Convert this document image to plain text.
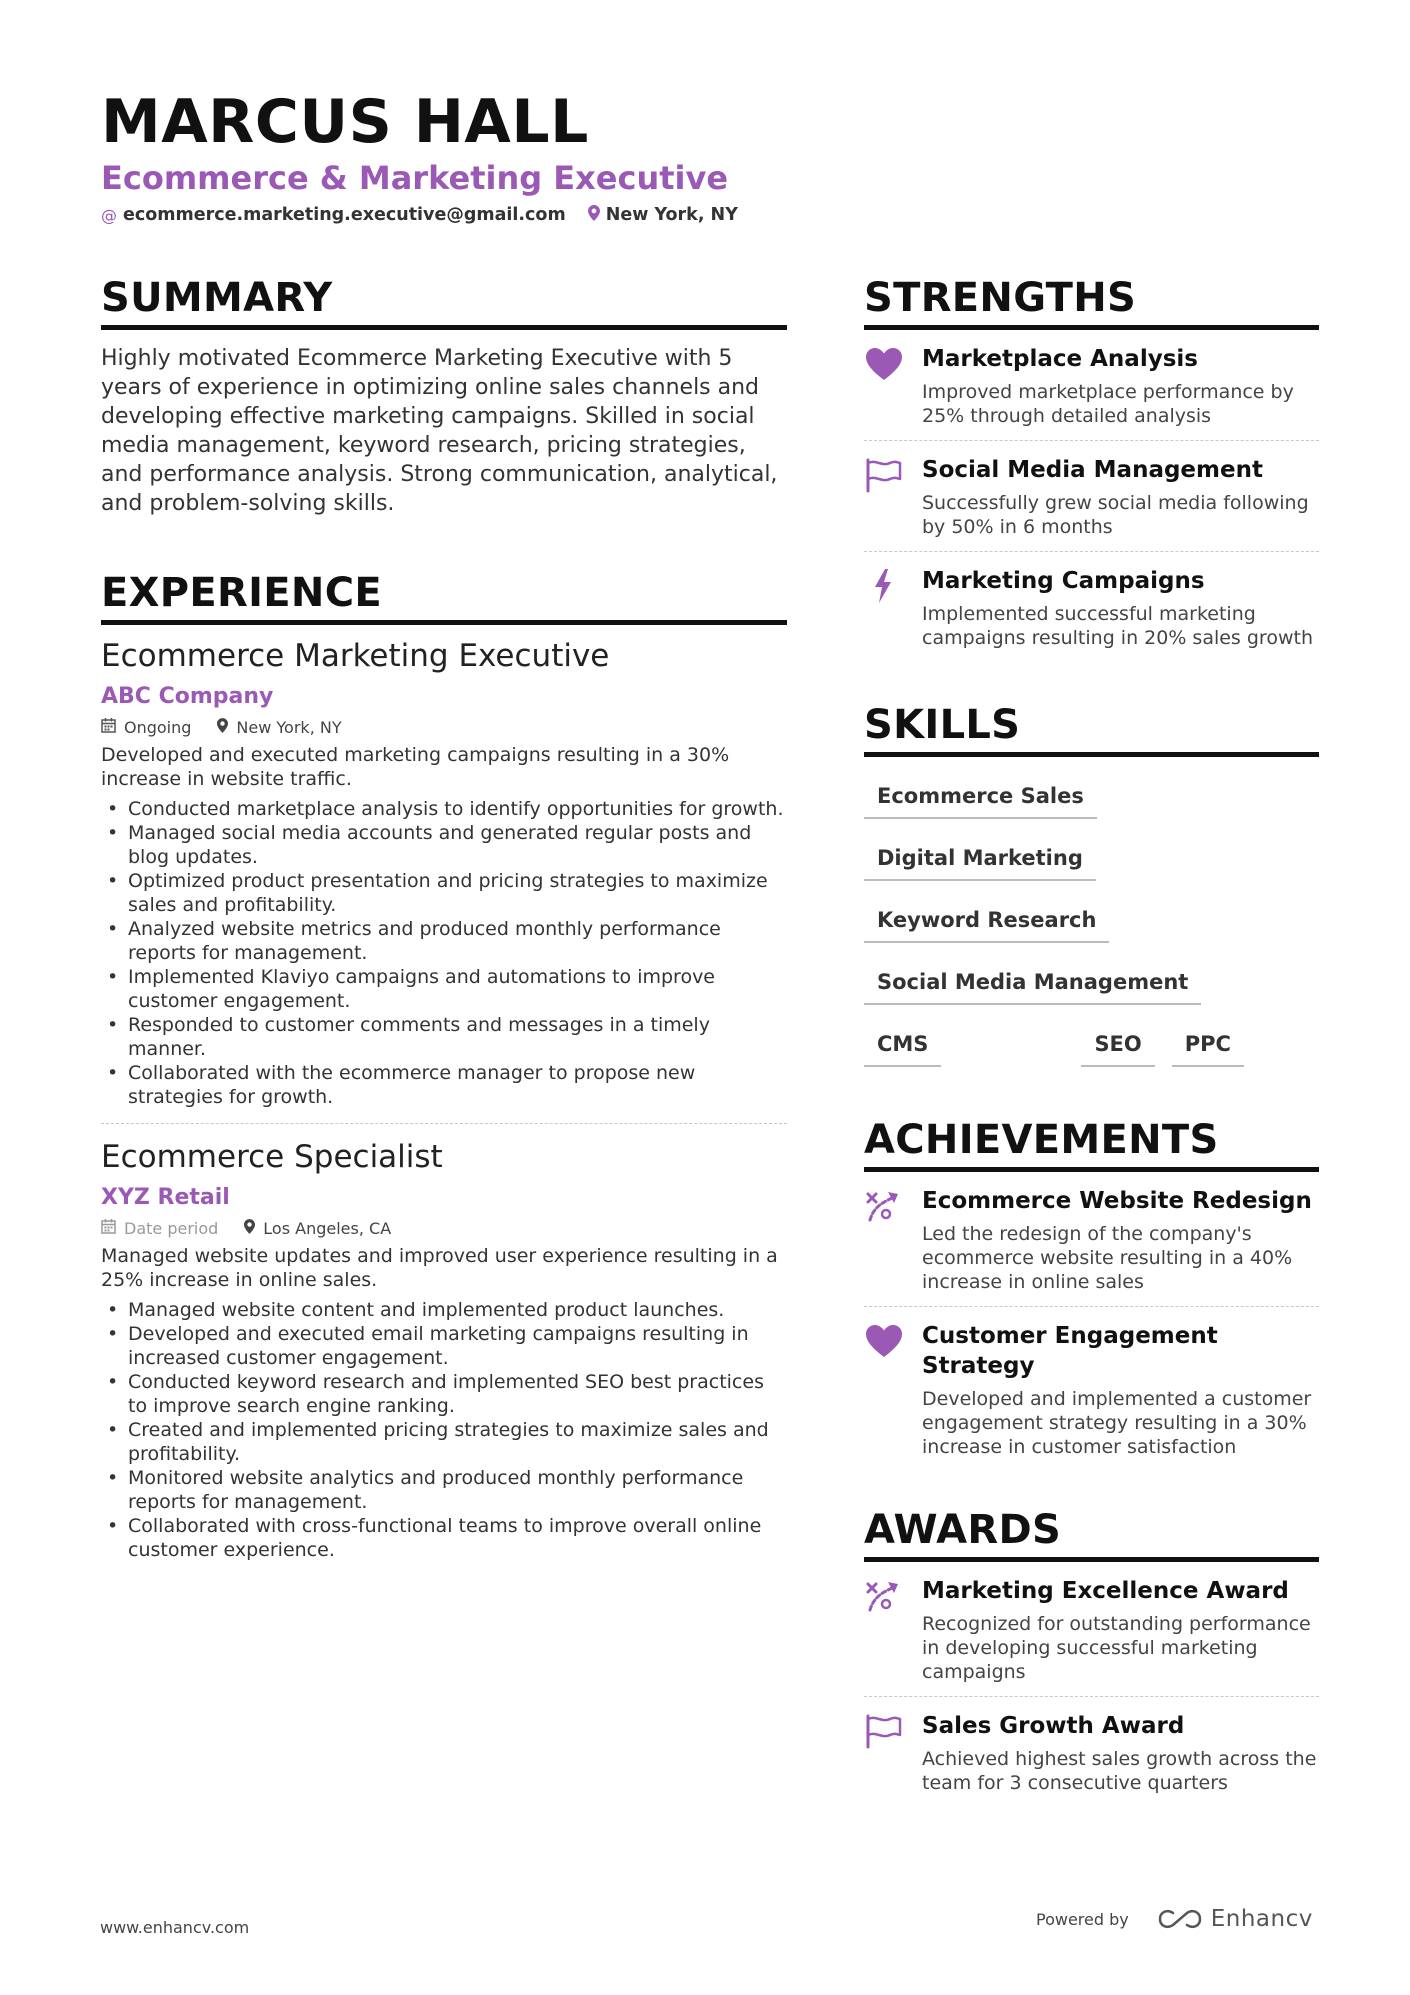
MARCUS HALL
Ecommerce & Marketing Executive
@ ecommerce.marketing.executive@gmail.com New York, NY
SUMMARY

Highly motivated Ecommerce Marketing Executive with 5 years of experience in optimizing online sales channels and developing effective marketing campaigns. Skilled in social media management, keyword research, pricing strategies, and performance analysis. Strong communication, analytical, and problem-solving skills.

EXPERIENCE
Ecommerce Marketing Executive
ABC Company
Ongoing	New York, NY
Developed and executed marketing campaigns resulting in a 30% increase in website traffic.
• Conducted marketplace analysis to identify opportunities for growth.
• Managed social media accounts and generated regular posts and blog updates.
• Optimized product presentation and pricing strategies to maximize sales and profitability.
• Analyzed website metrics and produced monthly performance reports for management.
• Implemented Klaviyo campaigns and automations to improve customer engagement.
• Responded to customer comments and messages in a timely manner.
• Collaborated with the ecommerce manager to propose new strategies for growth.
Ecommerce Specialist
XYZ Retail
Date period	Los Angeles, CA
Managed website updates and improved user experience resulting in a 25% increase in online sales.
• Managed website content and implemented product launches.
• Developed and executed email marketing campaigns resulting in increased customer engagement.
• Conducted keyword research and implemented SEO best practices to improve search engine ranking.
• Created and implemented pricing strategies to maximize sales and profitability.
• Monitored website analytics and produced monthly performance reports for management.
• Collaborated with cross-functional teams to improve overall online customer experience.
STRENGTHS
Marketplace Analysis
Improved marketplace performance by 25% through detailed analysis
Social Media Management
Successfully grew social media following by 50% in 6 months
Marketing Campaigns
Implemented successful marketing campaigns resulting in 20% sales growth
SKILLS
Ecommerce Sales
Digital Marketing
Keyword Research
Social Media Management
CMS	SEO	PPC
ACHIEVEMENTS
Ecommerce Website Redesign
Led the redesign of the company's ecommerce website resulting in a 40% increase in online sales
Customer Engagement Strategy
Developed and implemented a customer engagement strategy resulting in a 30% increase in customer satisfaction
AWARDS
Marketing Excellence Award
Recognized for outstanding performance in developing successful marketing campaigns
Sales Growth Award
Achieved highest sales growth across the team for 3 consecutive quarters
www.enhancv.com	Powered by	Enhancv
